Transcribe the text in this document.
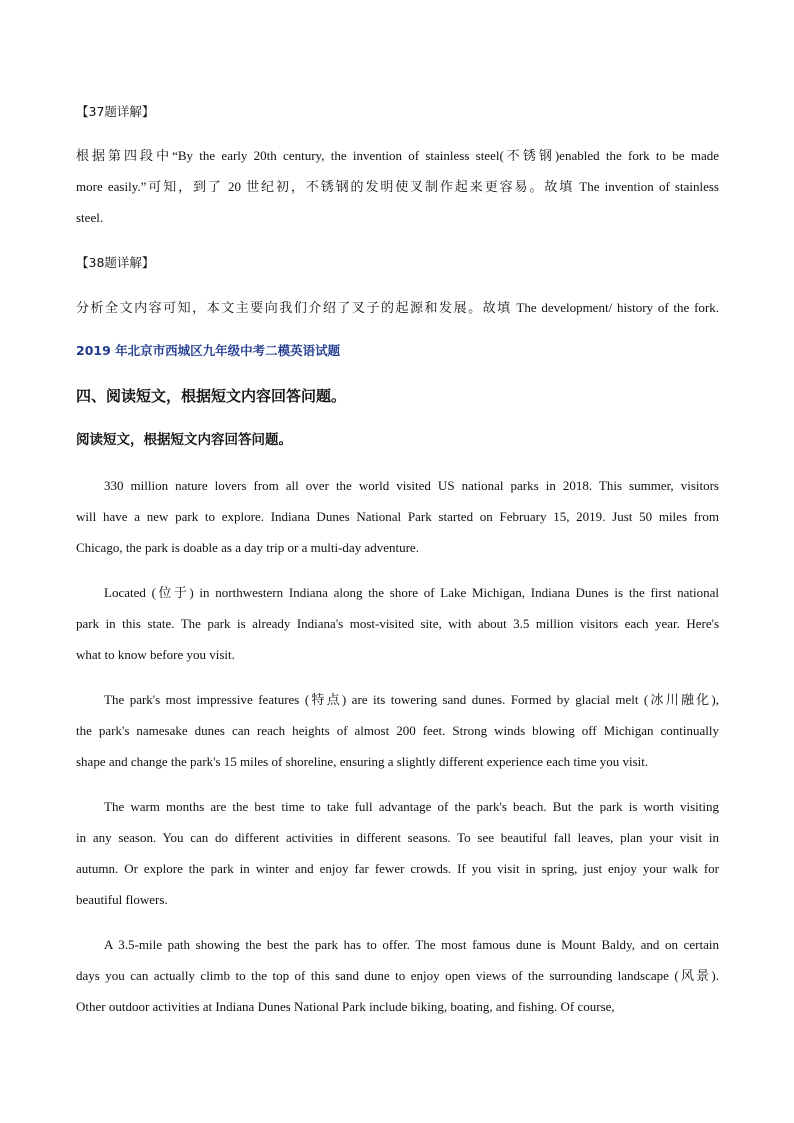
【37题详解】
根据第四段中“By the early 20th century, the invention of stainless steel(不锈钢)enabled the fork to be made
more easily.”可知，到了 20 世纪初，不锈钢的发明使叉制作起来更容易。故填 The invention of stainless
steel.
【38题详解】
分析全文内容可知，本文主要向我们介绍了叉子的起源和发展。故填 The development/ history of the fork.
2019 年北京市西城区九年级中考二模英语试题
四、阅读短文，根据短文内容回答问题。
阅读短文，根据短文内容回答问题。
330 million nature lovers from all over the world visited US national parks in 2018. This summer, visitors
will have a new park to explore. Indiana Dunes National Park started on February 15, 2019. Just 50 miles from
Chicago, the park is doable as a day trip or a multi-day adventure.
Located (位于) in northwestern Indiana along the shore of Lake Michigan, Indiana Dunes is the first national
park in this state. The park is already Indiana's most-visited site, with about 3.5 million visitors each year. Here's
what to know before you visit.
The park's most impressive features (特点) are its towering sand dunes. Formed by glacial melt (冰川融化),
the park's namesake dunes can reach heights of almost 200 feet. Strong winds blowing off Michigan continually
shape and change the park's 15 miles of shoreline, ensuring a slightly different experience each time you visit.
The warm months are the best time to take full advantage of the park's beach. But the park is worth visiting
in any season. You can do different activities in different seasons. To see beautiful fall leaves, plan your visit in
autumn. Or explore the park in winter and enjoy far fewer crowds. If you visit in spring, just enjoy your walk for
beautiful flowers.
A 3.5-mile path showing the best the park has to offer. The most famous dune is Mount Baldy, and on certain
days you can actually climb to the top of this sand dune to enjoy open views of the surrounding landscape (风景).
Other outdoor activities at Indiana Dunes National Park include biking, boating, and fishing. Of course,
